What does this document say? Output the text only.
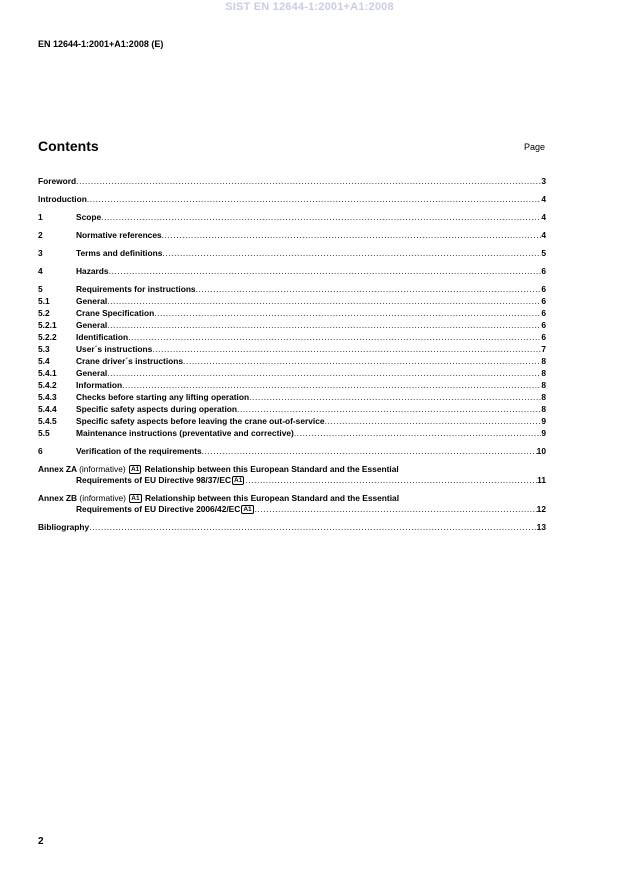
SIST EN 12644-1:2001+A1:2008
EN 12644-1:2001+A1:2008 (E)
Contents	Page
Foreword .....	3
Introduction .....	4
1	Scope .....	4
2	Normative references .....	4
3	Terms and definitions .....	5
4	Hazards .....	6
5	Requirements for instructions .....	6
5.1	General .....	6
5.2	Crane Specification .....	6
5.2.1	General .....	6
5.2.2	Identification .....	6
5.3	User´s instructions .....	7
5.4	Crane driver´s instructions .....	8
5.4.1	General .....	8
5.4.2	Information .....	8
5.4.3	Checks before starting any lifting operation .....	8
5.4.4	Specific safety aspects during operation .....	8
5.4.5	Specific safety aspects before leaving the crane out-of-service .....	9
5.5	Maintenance instructions (preventative and corrective) .....	9
6	Verification of the requirements .....	10
Annex ZA (informative) A1 Relationship between this European Standard and the Essential
Requirements of EU Directive 98/37/EC A1 .....	11
Annex ZB (informative) A1 Relationship between this European Standard and the Essential
Requirements of EU Directive 2006/42/EC A1 .....	12
Bibliography .....	13
2
